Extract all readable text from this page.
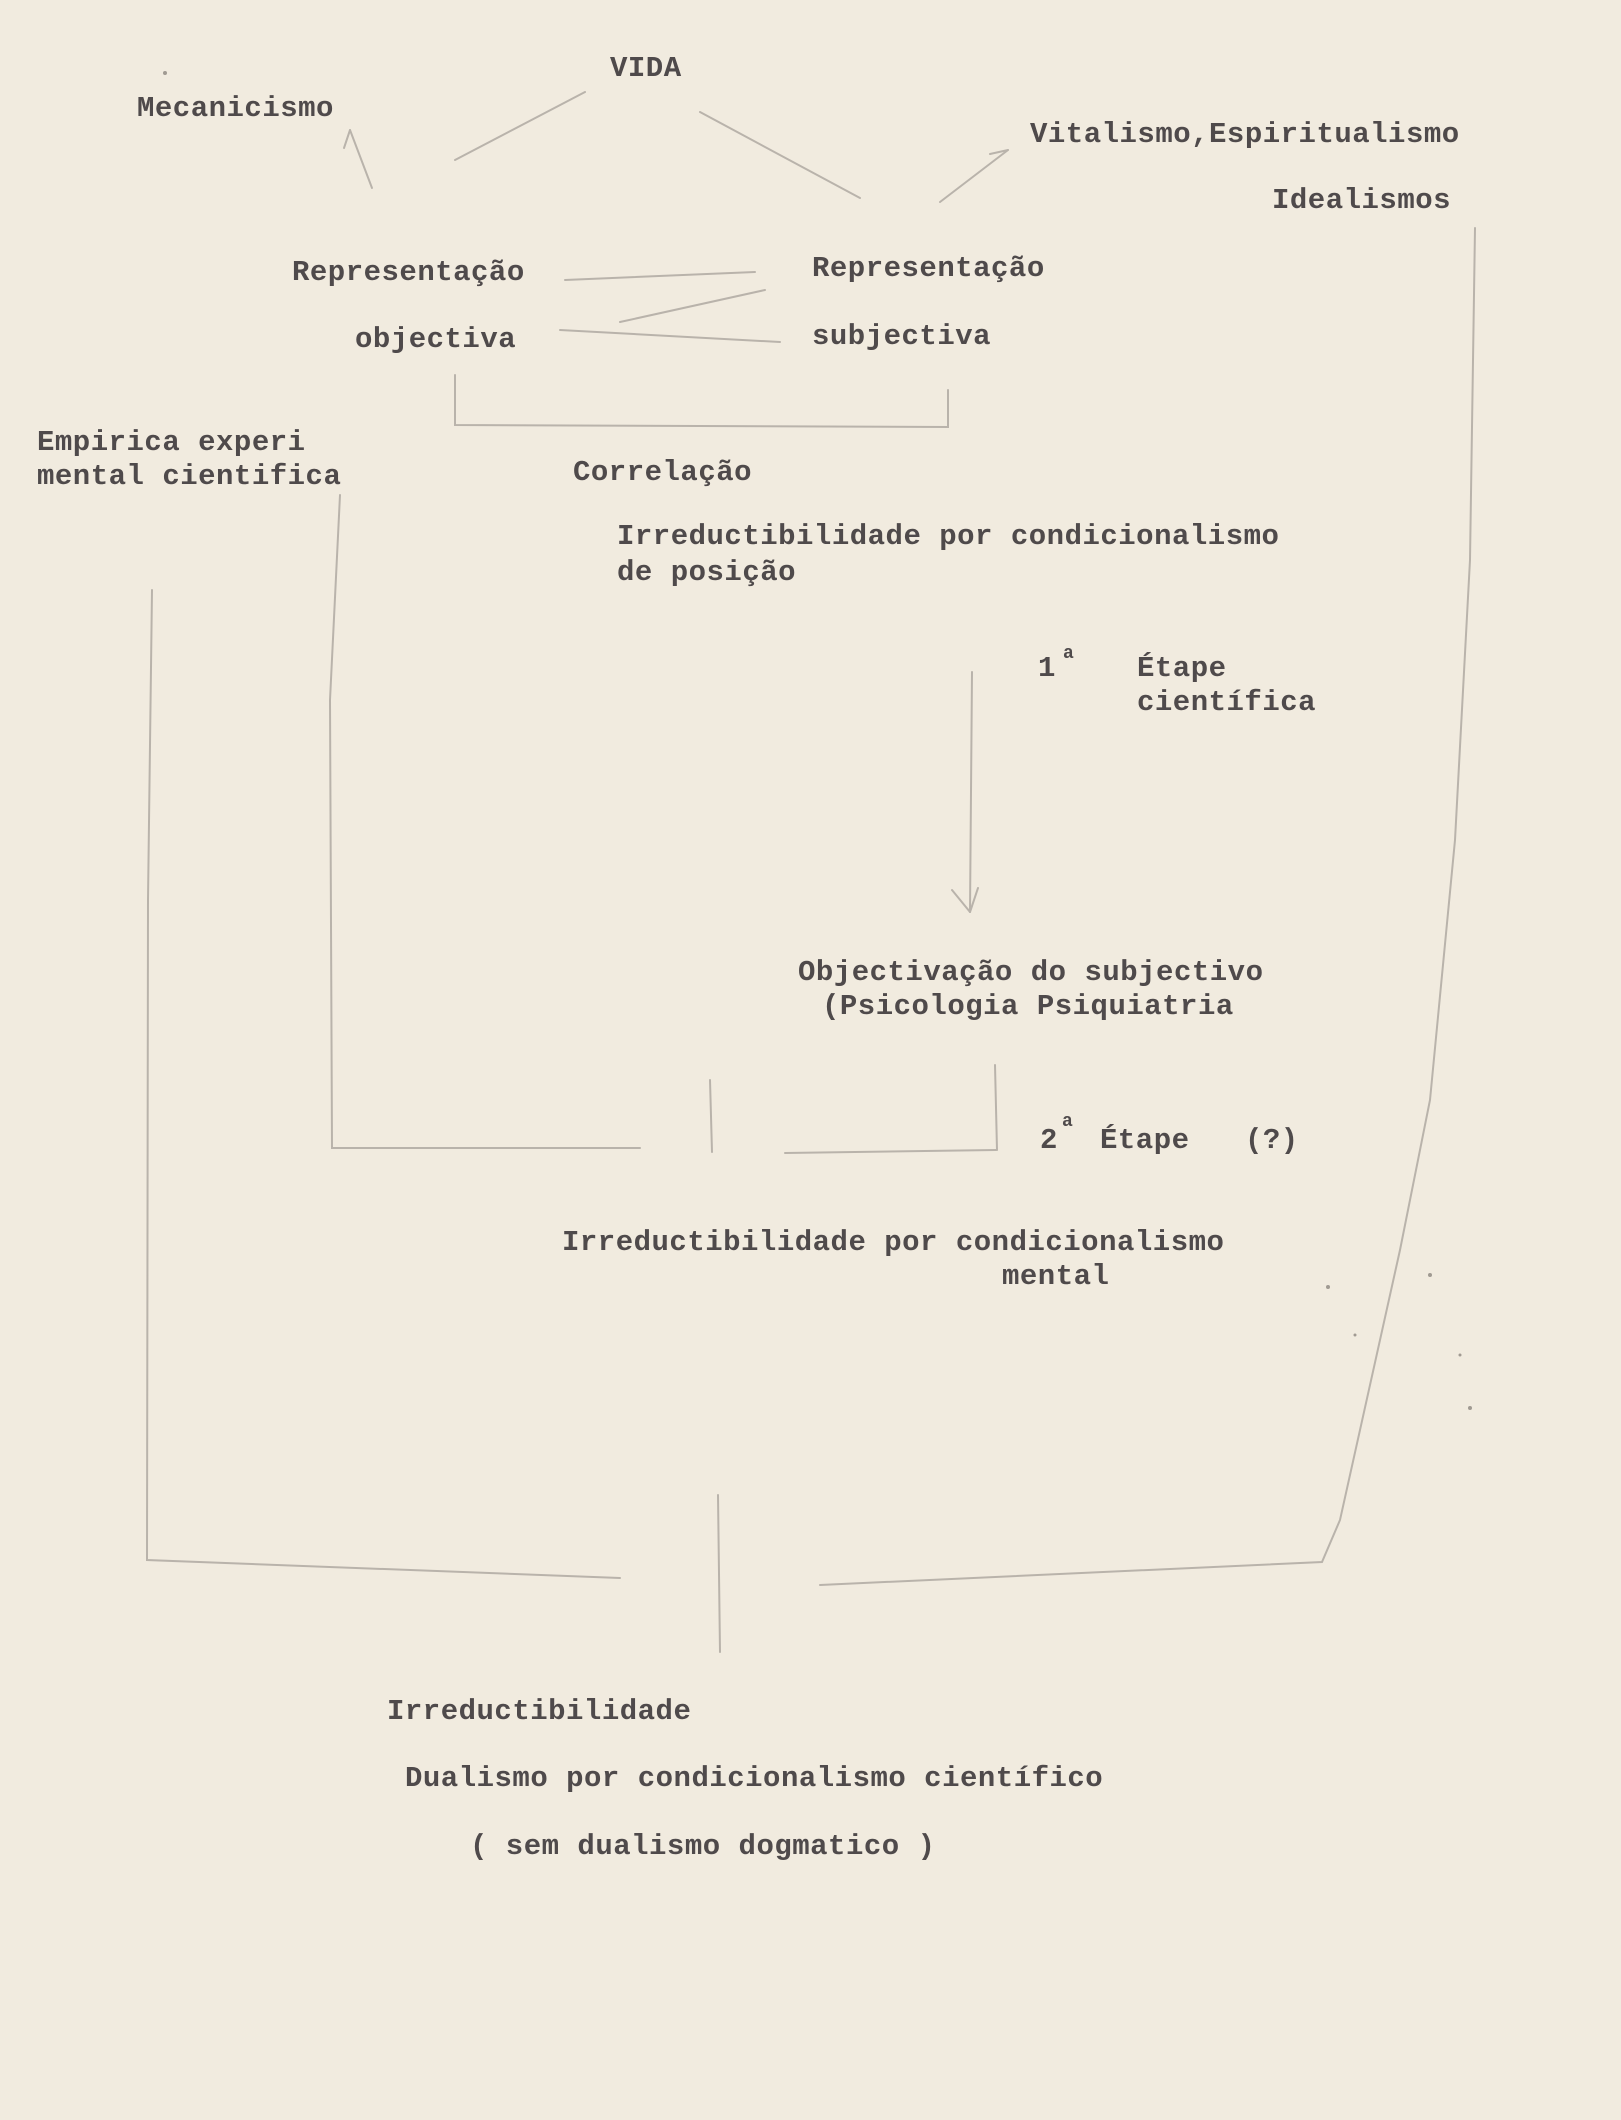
VIDA
Mecanicismo
Vitalismo,Espiritualismo
Idealismos
Representação
objectiva
Representação
subjectiva
Empirica experi
mental cientifica	Correlação
Irreductibilidade por condicionalismo
de posição
1 a Étape
científica
Objectivação do subjectivo
(Psicologia Psiquiatria
2
a
Étape (?)
Irreductibilidade por condicionalismo
mental
Irreductibilidade
Dualismo por condicionalismo científico
( sem dualismo dogmatico )
